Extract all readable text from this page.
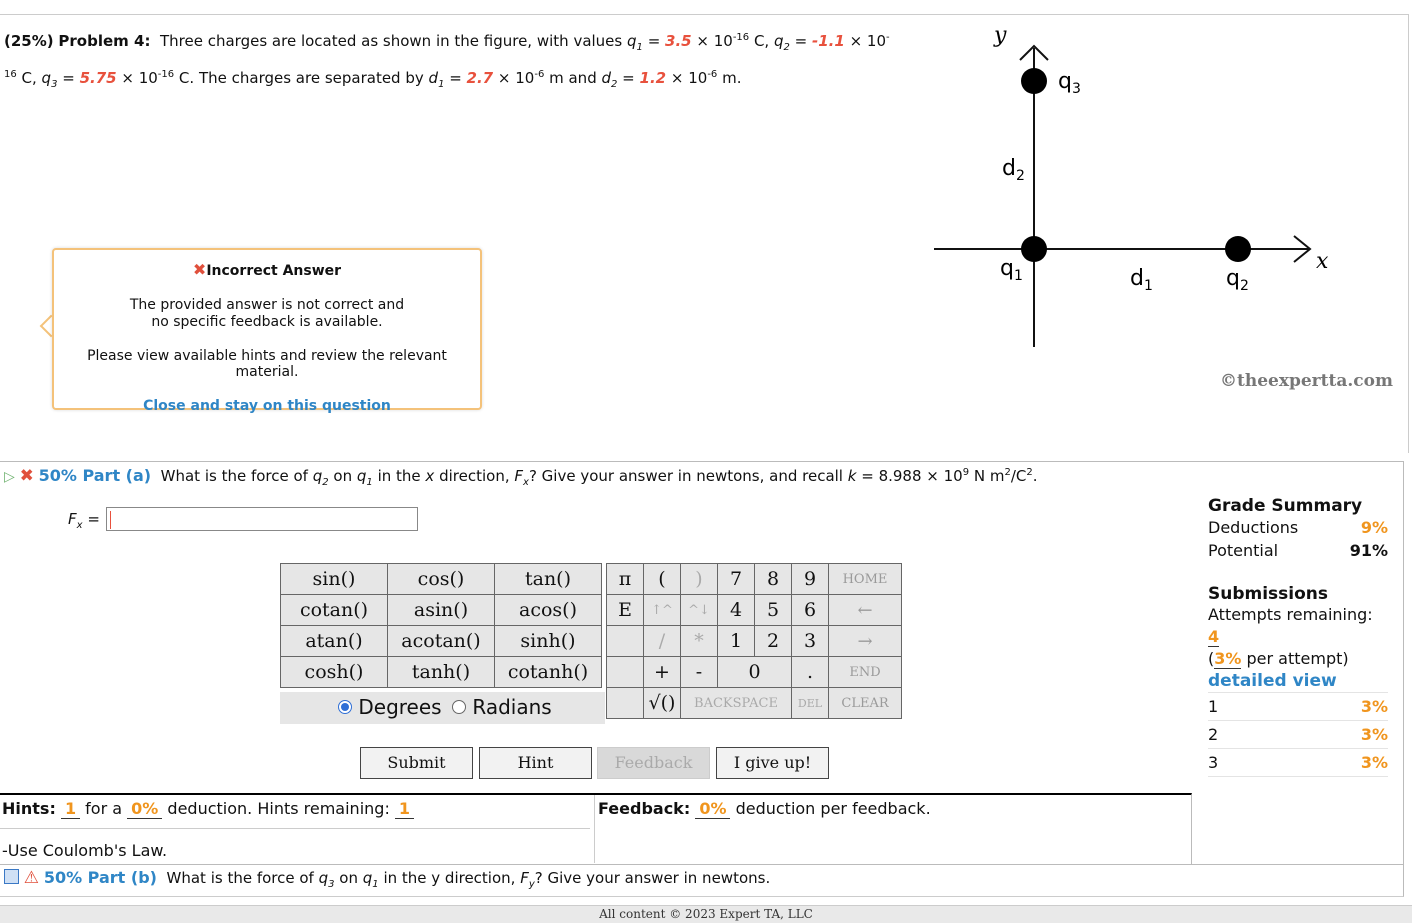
(25%) Problem 4: Three charges are located as shown in the figure, with values $q_1 = 3.5 \times 10^{-16}$ C, $q_2 = -1.1 \times 10^-$
$^{16}$ C, $q_3 = 5.75 \times 10^{-16}$ C. The charges are separated by $d_1 = 2.7 \times 10^{-6}$ m and $d_2 = 1.2 \times 10^{-6}$ m.
y
x
$q_3$
$q_1$	$q_2$
$d_1$
$d_2$
©theexpertta.com
✖Incorrect Answer
The provided answer is not correct and
no specific feedback is available.
Please view available hints and review the relevant material.
Close and stay on this question
▷ ✖ 50% Part (a) What is the force of $q_2$ on $q_1$ in the x direction, $F_x$? Give your answer in newtons, and recall $k = 8.988 \times 10^9$ N $m^2/C^2$.
$F_x$ =
sin()	cos()	tan()
cotan()	asin()	acos()
atan()	acotan()	sinh()
cosh()	tanh()	cotanh()
Degrees	Radians
π	(	)	7	8	9	HOME
E	↑^	^↓	4	5	6	←
	/	*	1	2	3	→
	+	-	0		.	END
	√()	BACKSPACE			DEL	CLEAR
Submit	Hint	Feedback	I give up!
Grade Summary
Deductions	9%
Potential	91%
Submissions
Attempts remaining: 4
(3% per attempt)
detailed view
1	3%
2	3%
3	3%
Hints: 1 for a 0% deduction. Hints remaining: 1
-Use Coulomb's Law.
Feedback: 0% deduction per feedback.
⚠ 50% Part (b) What is the force of $q_3$ on $q_1$ in the y direction, $F_y$? Give your answer in newtons.
All content © 2023 Expert TA, LLC
